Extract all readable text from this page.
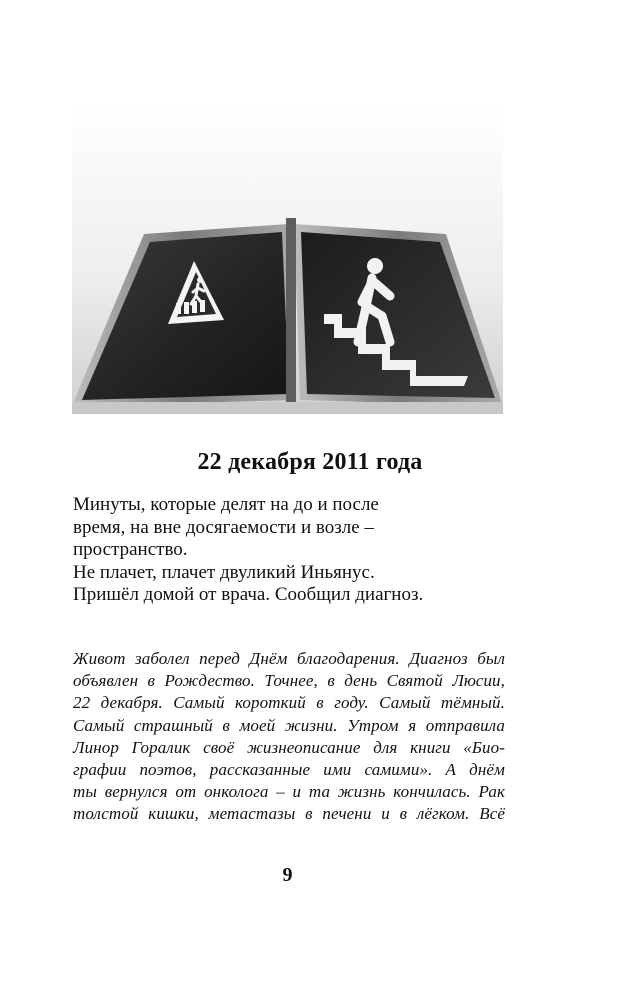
22 декабря 2011 года
Минуты, которые делят на до и после
время, на вне досягаемости и возле –
пространство.
Не плачет, плачет двуликий Иньянус.
Пришёл домой от врача. Сообщил диагноз.
Живот заболел перед Днём благодарения. Диагноз был
объявлен в Рождество. Точнее, в день Святой Люсии,
22 декабря. Самый короткий в году. Самый тёмный.
Самый страшный в моей жизни. Утром я отправила
Линор Горалик своё жизнеописание для книги «Био-
графии поэтов, рассказанные ими самими». А днём
ты вернулся от онколога – и та жизнь кончилась. Рак
толстой кишки, метастазы в печени и в лёгком. Всё
9
